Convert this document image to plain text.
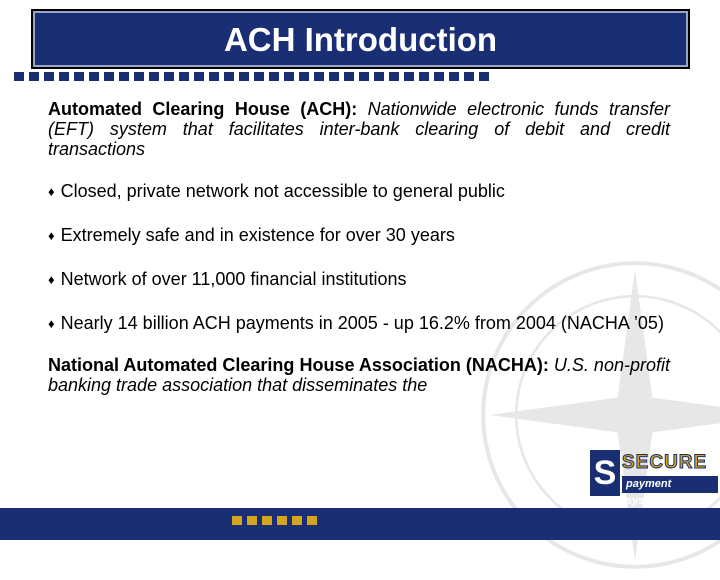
ACH Introduction

Automated Clearing House (ACH): Nationwide electronic funds transfer (EFT) system that facilitates inter-bank clearing of debit and credit transactions

♦ Closed, private network not accessible to general public

♦ Extremely safe and in existence for over 30 years

♦ Network of over 11,000 financial institutions

♦ Nearly 14 billion ACH payments in 2005 - up 16.2% from 2004 (NACHA ’05)

National Automated Clearing House Association (NACHA): U.S. non-profit banking trade association that disseminates the

S SECURE
payment systems
